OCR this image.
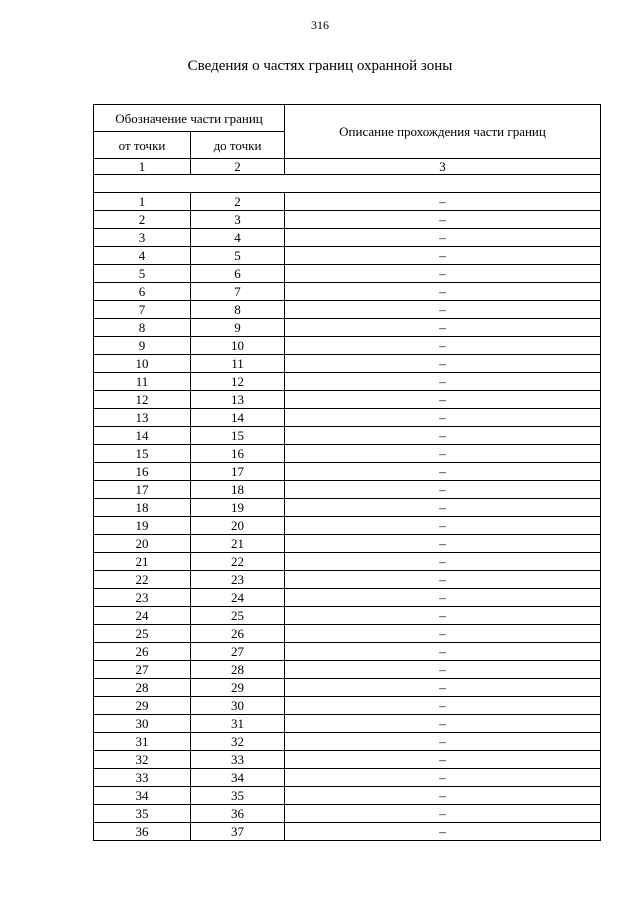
316
Сведения о частях границ охранной зоны
Обозначение части границ		Описание прохождения части границ
от точки	до точки	
1	2	3

1	2	–
2	3	–
3	4	–
4	5	–
5	6	–
6	7	–
7	8	–
8	9	–
9	10	–
10	11	–
11	12	–
12	13	–
13	14	–
14	15	–
15	16	–
16	17	–
17	18	–
18	19	–
19	20	–
20	21	–
21	22	–
22	23	–
23	24	–
24	25	–
25	26	–
26	27	–
27	28	–
28	29	–
29	30	–
30	31	–
31	32	–
32	33	–
33	34	–
34	35	–
35	36	–
36	37	–
